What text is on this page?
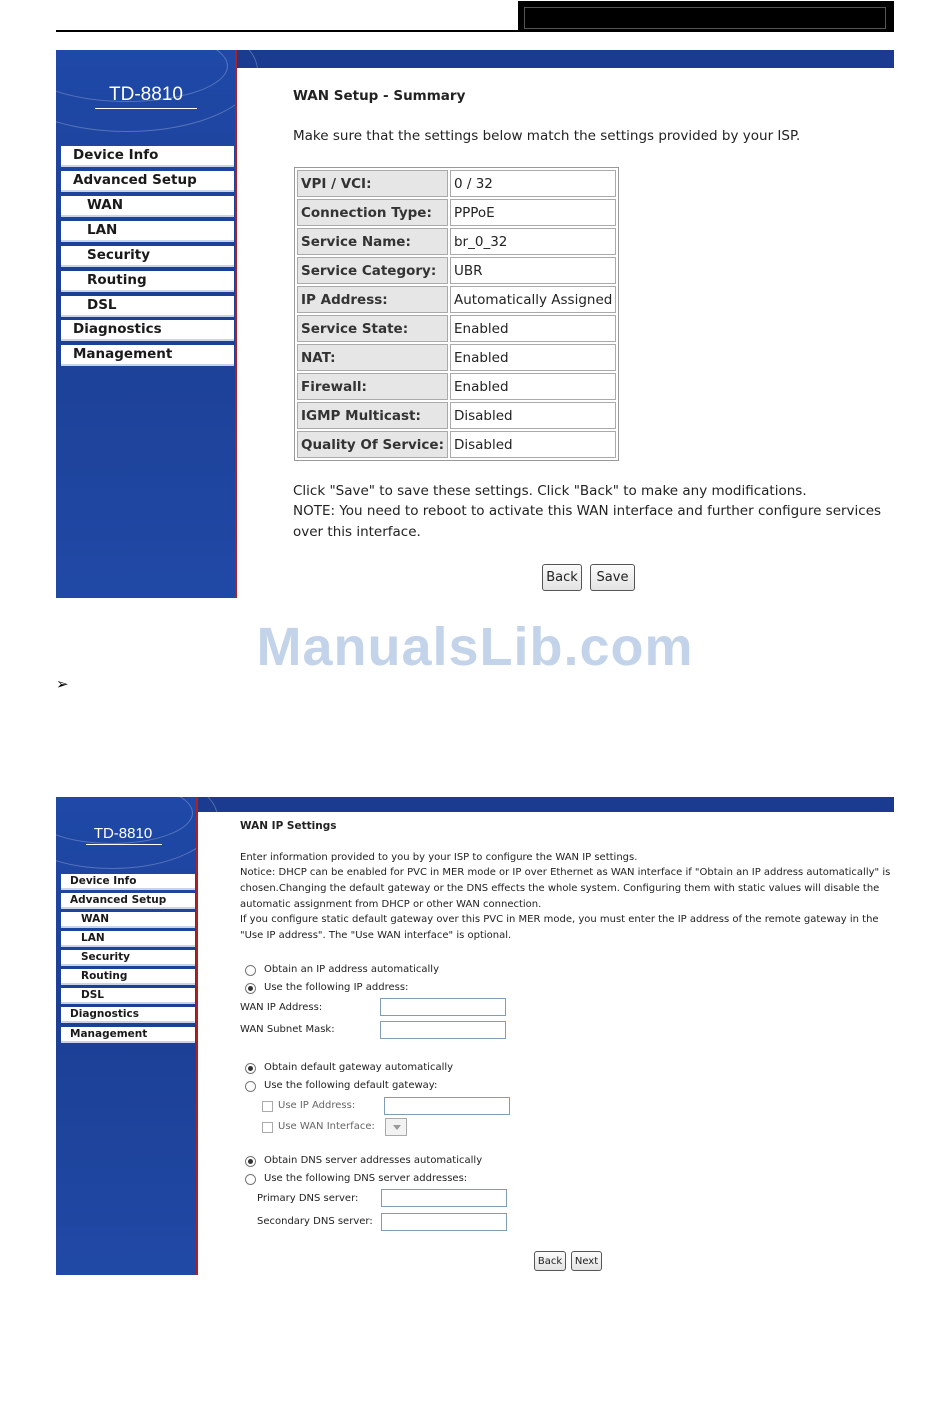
TD-8810
Device Info
Advanced Setup
WAN
LAN
Security
Routing
DSL
Diagnostics
Management
WAN Setup - Summary
Make sure that the settings below match the settings provided by your ISP.
VPI / VCI:	0 / 32
Connection Type:	PPPoE
Service Name:	br_0_32
Service Category:	UBR
IP Address:	Automatically Assigned
Service State:	Enabled
NAT:	Enabled
Firewall:	Enabled
IGMP Multicast:	Disabled
Quality Of Service:	Disabled
Click "Save" to save these settings. Click "Back" to make any modifications.
NOTE: You need to reboot to activate this WAN interface and further configure services
over this interface.
Back	Save
ManualsLib.com
➢
TD-8810
Device Info
Advanced Setup
WAN
LAN
Security
Routing
DSL
Diagnostics
Management
WAN IP Settings
Enter information provided to you by your ISP to configure the WAN IP settings.
Notice: DHCP can be enabled for PVC in MER mode or IP over Ethernet as WAN interface if "Obtain an IP address automatically" is
chosen.Changing the default gateway or the DNS effects the whole system. Configuring them with static values will disable the
automatic assignment from DHCP or other WAN connection.
If you configure static default gateway over this PVC in MER mode, you must enter the IP address of the remote gateway in the
"Use IP address". The "Use WAN interface" is optional.
Obtain an IP address automatically
Use the following IP address:
WAN IP Address:
WAN Subnet Mask:
Obtain default gateway automatically
Use the following default gateway:
Use IP Address:
Use WAN Interface:
Obtain DNS server addresses automatically
Use the following DNS server addresses:
Primary DNS server:
Secondary DNS server:
Back	Next
